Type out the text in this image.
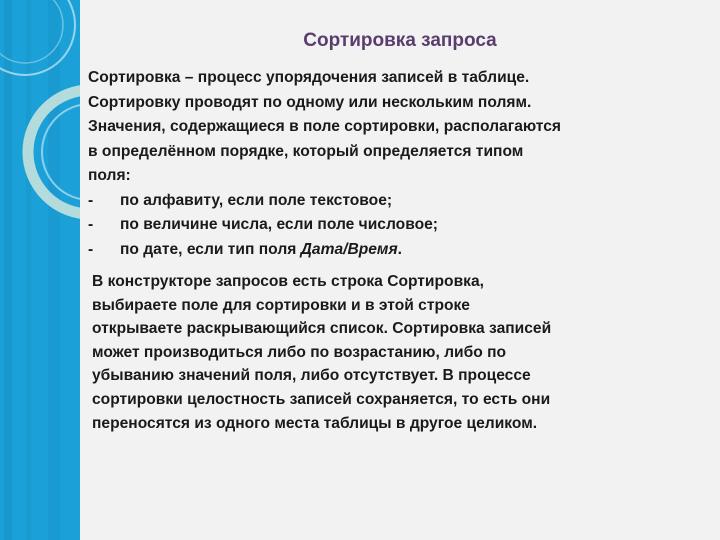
Сортировка запроса
Сортировка – процесс упорядочения записей в таблице.
Сортировку проводят по одному или нескольким полям.
Значения, содержащиеся в поле сортировки, располагаются
в определённом порядке, который определяется типом
поля:
-	по алфавиту, если поле текстовое;
-	по величине числа, если поле числовое;
-	по дате, если тип поля Дата/Время.
В конструкторе запросов есть строка Сортировка,
выбираете поле для сортировки и в этой строке
открываете раскрывающийся список. Сортировка записей
может производиться либо по возрастанию, либо по
убыванию значений поля, либо отсутствует. В процессе
сортировки целостность записей сохраняется, то есть они
переносятся из одного места таблицы в другое целиком.
